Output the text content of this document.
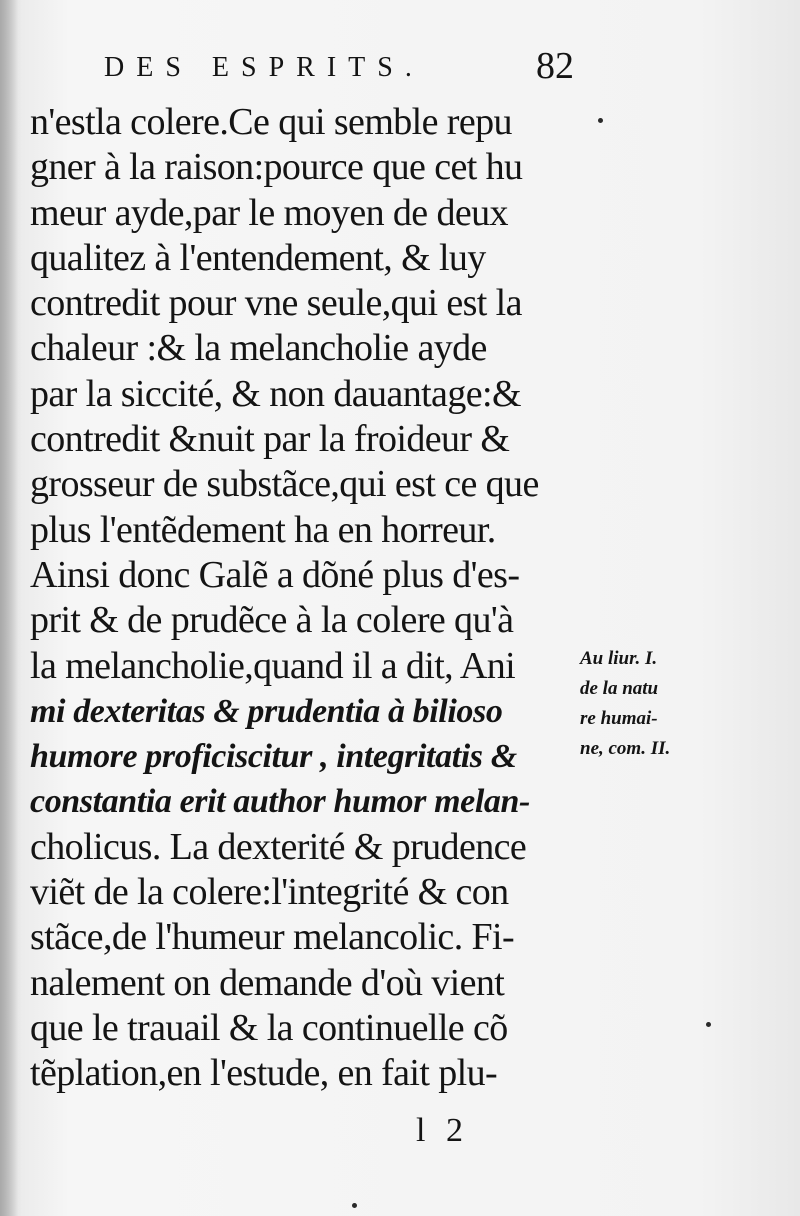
DES ESPRITS.	82
n'estla colere.Ce qui semble repu
gner à la raison:pource que cet hu
meur ayde,par le moyen de deux
qualitez à l'entendement, & luy
contredit pour vne seule,qui est la
chaleur :& la melancholie ayde
par la siccité, & non dauantage:&
contredit &nuit par la froideur &
grosseur de substãce,qui est ce que
plus l'entẽdement ha en horreur.
Ainsi donc Galẽ a dõné plus d'es-
prit & de prudẽce à la colere qu'à
la melancholie,quand il a dit, Ani
mi dexteritas & prudentia à bilioso
humore proficiscitur , integritatis &
constantia erit author humor melan-
cholicus. La dexterité & prudence
viẽt de la colere:l'integrité & con
stãce,de l'humeur melancolic. Fi-
nalement on demande d'où vient
que le trauail & la continuelle cõ
tẽplation,en l'estude, en fait plu-
Au liur. I.
de la natu
re humai-
ne, com. II.
l 2
